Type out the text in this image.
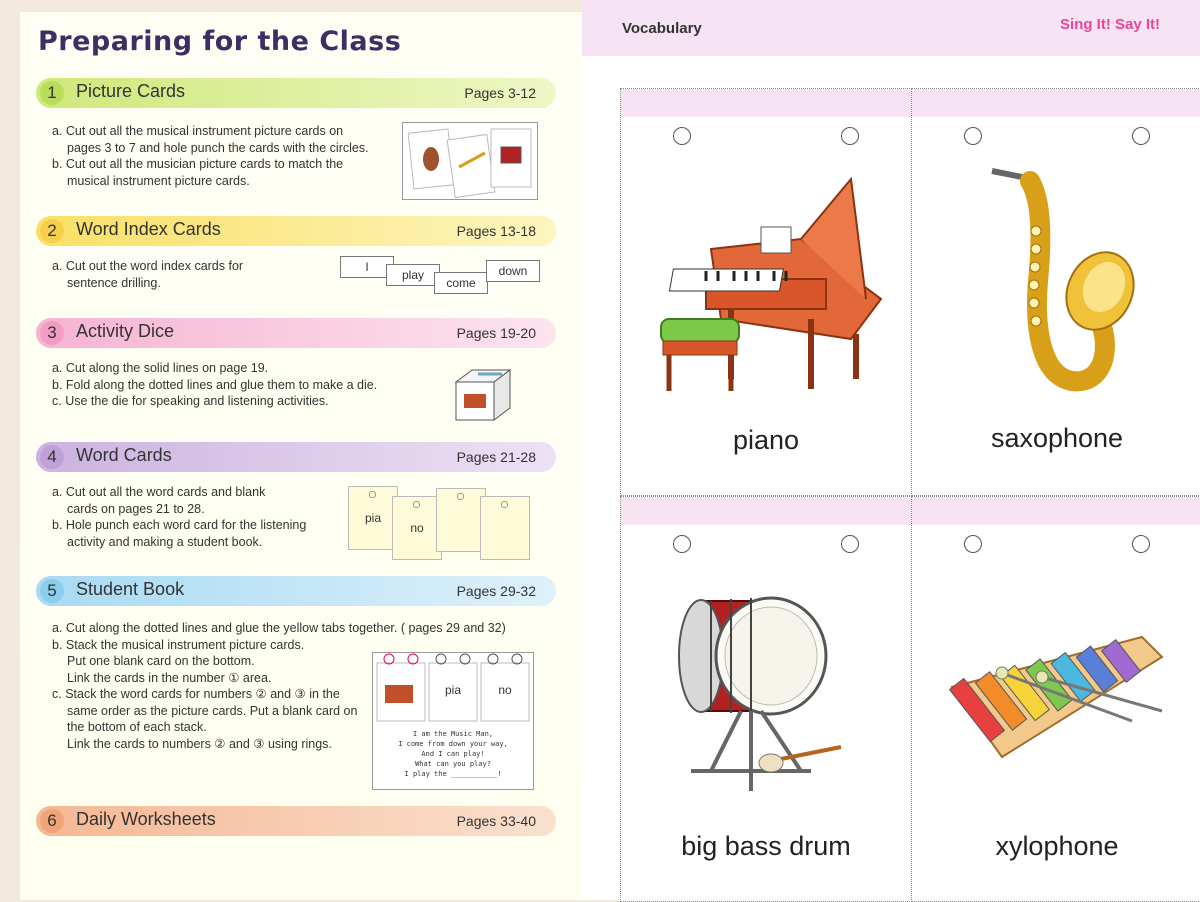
Preparing for the Class
1	Picture Cards	Pages 3-12

a. Cut out all the musical instrument picture cards on

pages 3 to 7 and hole punch the cards with the circles.

b. Cut out all the musician picture cards to match the

musical instrument picture cards.

2	Word Index Cards	Pages 13-18

a. Cut out the word index cards for

sentence drilling.

I
play
come
down
3	Activity Dice	Pages 19-20

a. Cut along the solid lines on page 19.

b. Fold along the dotted lines and glue them to make a die.

c. Use the die for speaking and listening activities.

4	Word Cards	Pages 21-28

a. Cut out all the word cards and blank

cards on pages 21 to 28.

b. Hole punch each word card for the listening

activity and making a student book.

pia
no
5	Student Book	Pages 29-32

a. Cut along the dotted lines and glue the yellow tabs together. ( pages 29 and 32)

b. Stack the musical instrument picture cards.

Put one blank card on the bottom.

Link the cards in the number ① area.

c. Stack the word cards for numbers ② and ③ in the

same order as the picture cards. Put a blank card on

the bottom of each stack.

Link the cards to numbers ② and ③ using rings.

pia	no
I am the Music Man,
I come from down your way,
And I can play!
What can you play?
I play the ___________!
6	Daily Worksheets	Pages 33-40
Vocabulary	Sing It! Say It!
piano	saxophone
big bass drum	xylophone
